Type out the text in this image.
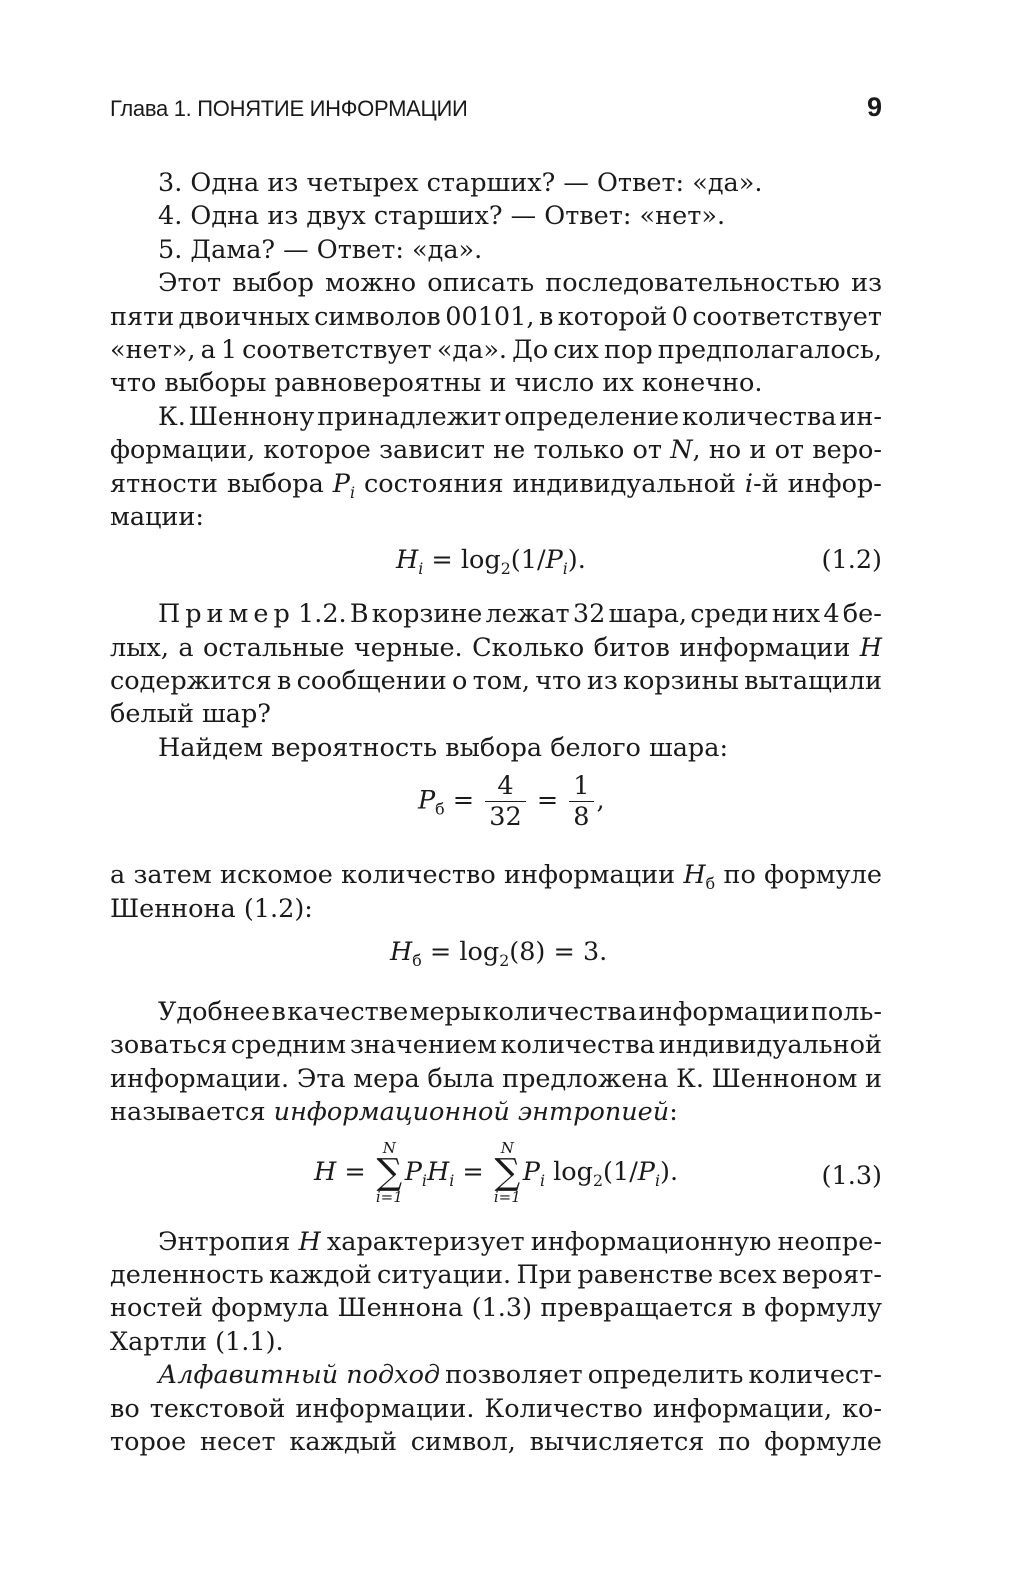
Глава 1. ПОНЯТИЕ ИНФОРМАЦИИ	9
3. Одна из четырех старших? — Ответ: «да».
4. Одна из двух старших? — Ответ: «нет».
5. Дама? — Ответ: «да».
Этот выбор можно описать последовательностью из
пяти двоичных символов 00101, в которой 0 соответствует
«нет», а 1 соответствует «да». До сих пор предполагалось,
что выборы равновероятны и число их конечно.
К. Шеннону принадлежит определение количества ин-
формации, которое зависит не только от N, но и от веро-
ятности выбора $P_i$ состояния индивидуальной i-й инфор-
мации:
$H_i = \log_2(1/P_i)$.	(1.2)
Пример 1.2. В корзине лежат 32 шара, среди них 4 бе-
лых, а остальные черные. Сколько битов информации H
содержится в сообщении о том, что из корзины вытащили
белый шар?
Найдем вероятность выбора белого шара:
$P_б = \frac{4}{32} = \frac{1}{8}$ ,
а затем искомое количество информации $H_б$ по формуле
Шеннона (1.2):
$H_б = \log_2(8) = 3$.
Удобнее в качестве меры количества информации поль-
зоваться средним значением количества индивидуальной
информации. Эта мера была предложена К. Шенноном и
называется информационной энтропией:
H =
N
∑
i=1
$P_iH_i$ =
N
∑
i=1
$P_i$ $\log_2(1/P_i)$.	(1.3)
Энтропия H характеризует информационную неопре-
деленность каждой ситуации. При равенстве всех вероят-
ностей формула Шеннона (1.3) превращается в формулу
Хартли (1.1).
Алфавитный подход позволяет определить количест-
во текстовой информации. Количество информации, ко-
торое несет каждый символ, вычисляется по формуле
